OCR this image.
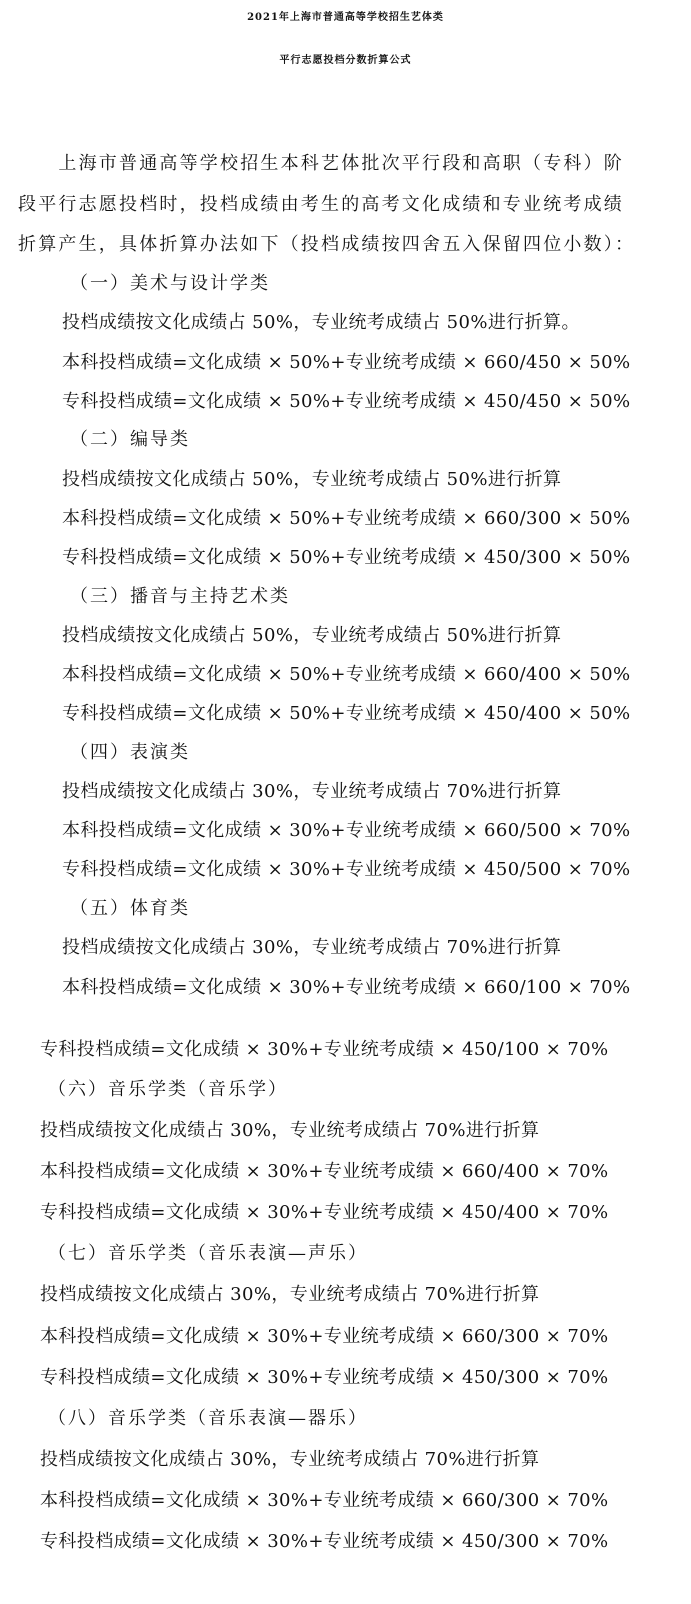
2021年上海市普通高等学校招生艺体类
平行志愿投档分数折算公式

　　上海市普通高等学校招生本科艺体批次平行段和高职（专科）阶

段平行志愿投档时，投档成绩由考生的高考文化成绩和专业统考成绩

折算产生，具体折算办法如下（投档成绩按四舍五入保留四位小数）：

（一）美术与设计学类

投档成绩按文化成绩占 50%，专业统考成绩占 50%进行折算。

本科投档成绩=文化成绩 × 50%+专业统考成绩 × 660/450 × 50%

专科投档成绩=文化成绩 × 50%+专业统考成绩 × 450/450 × 50%

（二）编导类

投档成绩按文化成绩占 50%，专业统考成绩占 50%进行折算

本科投档成绩=文化成绩 × 50%+专业统考成绩 × 660/300 × 50%

专科投档成绩=文化成绩 × 50%+专业统考成绩 × 450/300 × 50%

（三）播音与主持艺术类

投档成绩按文化成绩占 50%，专业统考成绩占 50%进行折算

本科投档成绩=文化成绩 × 50%+专业统考成绩 × 660/400 × 50%

专科投档成绩=文化成绩 × 50%+专业统考成绩 × 450/400 × 50%

（四）表演类

投档成绩按文化成绩占 30%，专业统考成绩占 70%进行折算

本科投档成绩=文化成绩 × 30%+专业统考成绩 × 660/500 × 70%

专科投档成绩=文化成绩 × 30%+专业统考成绩 × 450/500 × 70%

（五）体育类

投档成绩按文化成绩占 30%，专业统考成绩占 70%进行折算

本科投档成绩=文化成绩 × 30%+专业统考成绩 × 660/100 × 70%

专科投档成绩=文化成绩 × 30%+专业统考成绩 × 450/100 × 70%

（六）音乐学类（音乐学）

投档成绩按文化成绩占 30%，专业统考成绩占 70%进行折算

本科投档成绩=文化成绩 × 30%+专业统考成绩 × 660/400 × 70%

专科投档成绩=文化成绩 × 30%+专业统考成绩 × 450/400 × 70%

（七）音乐学类（音乐表演—声乐）

投档成绩按文化成绩占 30%，专业统考成绩占 70%进行折算

本科投档成绩=文化成绩 × 30%+专业统考成绩 × 660/300 × 70%

专科投档成绩=文化成绩 × 30%+专业统考成绩 × 450/300 × 70%

（八）音乐学类（音乐表演—器乐）

投档成绩按文化成绩占 30%，专业统考成绩占 70%进行折算

本科投档成绩=文化成绩 × 30%+专业统考成绩 × 660/300 × 70%

专科投档成绩=文化成绩 × 30%+专业统考成绩 × 450/300 × 70%
